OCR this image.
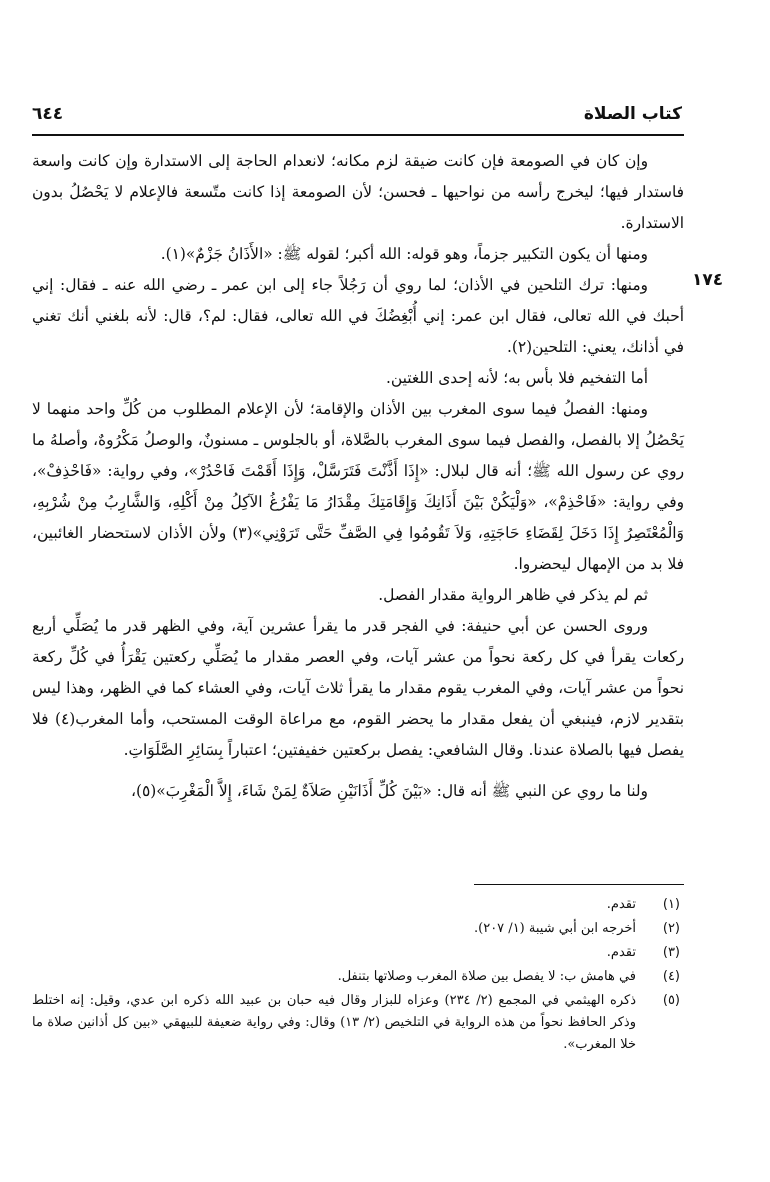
كتاب الصلاة
٦٤٤
١٧٤

وإن كان في الصومعة فإن كانت ضيقة لزم مكانه؛ لانعدام الحاجة إلى الاستدارة وإن كانت واسعة فاستدار فيها؛ ليخرج رأسه من نواحيها ـ فحسن؛ لأن الصومعة إذا كانت متّسعة فالإعلام لا يَحْصُلُ بدون الاستدارة.

ومنها أن يكون التكبير جزماً، وهو قوله: الله أكبر؛ لقوله ﷺ: «الأَذَانُ جَزْمٌ»(١).

ومنها: ترك التلحين في الأذان؛ لما روي أن رَجُلاً جاء إلى ابن عمر ـ رضي الله عنه ـ فقال: إني أحبك في الله تعالى، فقال ابن عمر: إني أُبْغِضُكَ في الله تعالى، فقال: لم؟، قال: لأنه بلغني أنك تغني في أذانك، يعني: التلحين(٢).

أما التفخيم فلا بأس به؛ لأنه إحدى اللغتين.

ومنها: الفصلُ فيما سوى المغرب بين الأذان والإقامة؛ لأن الإعلام المطلوب من كُلِّ واحد منهما لا يَحْصُلُ إلا بالفصل، والفصل فيما سوى المغرب بالصَّلاة، أو بالجلوس ـ مسنونٌ، والوصلُ مَكْرُوهٌ، وأصلهُ ما روي عن رسول الله ﷺ؛ أنه قال لبلال: «إِذَا أَذَّنْتَ فَتَرَسَّلْ، وَإِذَا أَقَمْتَ فَاحْدُرْ»، وفي رواية: «فَاحْذِفْ»، وفي رواية: «فَاحْذِمْ»، «وَلْيَكُنْ بَيْنَ أَذَانِكَ وَإِقَامَتِكَ مِقْدَارُ مَا يَفْرُغُ الآكِلُ مِنْ أَكْلِهِ، وَالشَّارِبُ مِنْ شُرْبِهِ، وَالْمُعْتَصِرُ إِذَا دَخَلَ لِقَضَاءِ حَاجَتِهِ، وَلاَ تَقُومُوا فِي الصَّفِّ حَتَّى تَرَوْنِي»(٣) ولأن الأذان لاستحضار الغائبين، فلا بد من الإمهال ليحضروا.

ثم لم يذكر في ظاهر الرواية مقدار الفصل.

وروى الحسن عن أبي حنيفة: في الفجر قدر ما يقرأ عشرين آية، وفي الظهر قدر ما يُصَلِّي أربع ركعات يقرأ في كل ركعة نحواً من عشر آيات، وفي العصر مقدار ما يُصَلِّي ركعتين يَقْرَأُ في كُلِّ ركعة نحواً من عشر آيات، وفي المغرب يقوم مقدار ما يقرأ ثلاث آيات، وفي العشاء كما في الظهر، وهذا ليس بتقدير لازم، فينبغي أن يفعل مقدار ما يحضر القوم، مع مراعاة الوقت المستحب، وأما المغرب(٤) فلا يفصل فيها بالصلاة عندنا. وقال الشافعي: يفصل بركعتين خفيفتين؛ اعتباراً بِسَائِرِ الصَّلَوَاتِ.

ولنا ما روي عن النبي ﷺ أنه قال: «بَيْنَ كُلِّ أَذَانَيْنِ صَلاَةٌ لِمَنْ شَاءَ، إِلاَّ الْمَغْرِبَ»(٥)،

(١)
تقدم.
(٢)
أخرجه ابن أبي شيبة (١/ ٢٠٧).
(٣)
تقدم.
(٤)
في هامش ب: لا يفصل بين صلاة المغرب وصلاتها بتنفل.
(٥)
ذكره الهيثمي في المجمع (٢/ ٢٣٤) وعزاه للبزار وقال فيه حبان بن عبيد الله ذكره ابن عدي، وقيل: إنه اختلط وذكر الحافظ نحواً من هذه الرواية في التلخيص (٢/ ١٣) وقال: وفي رواية ضعيفة للبيهقي «بين كل أذانين صلاة ما خلا المغرب».
